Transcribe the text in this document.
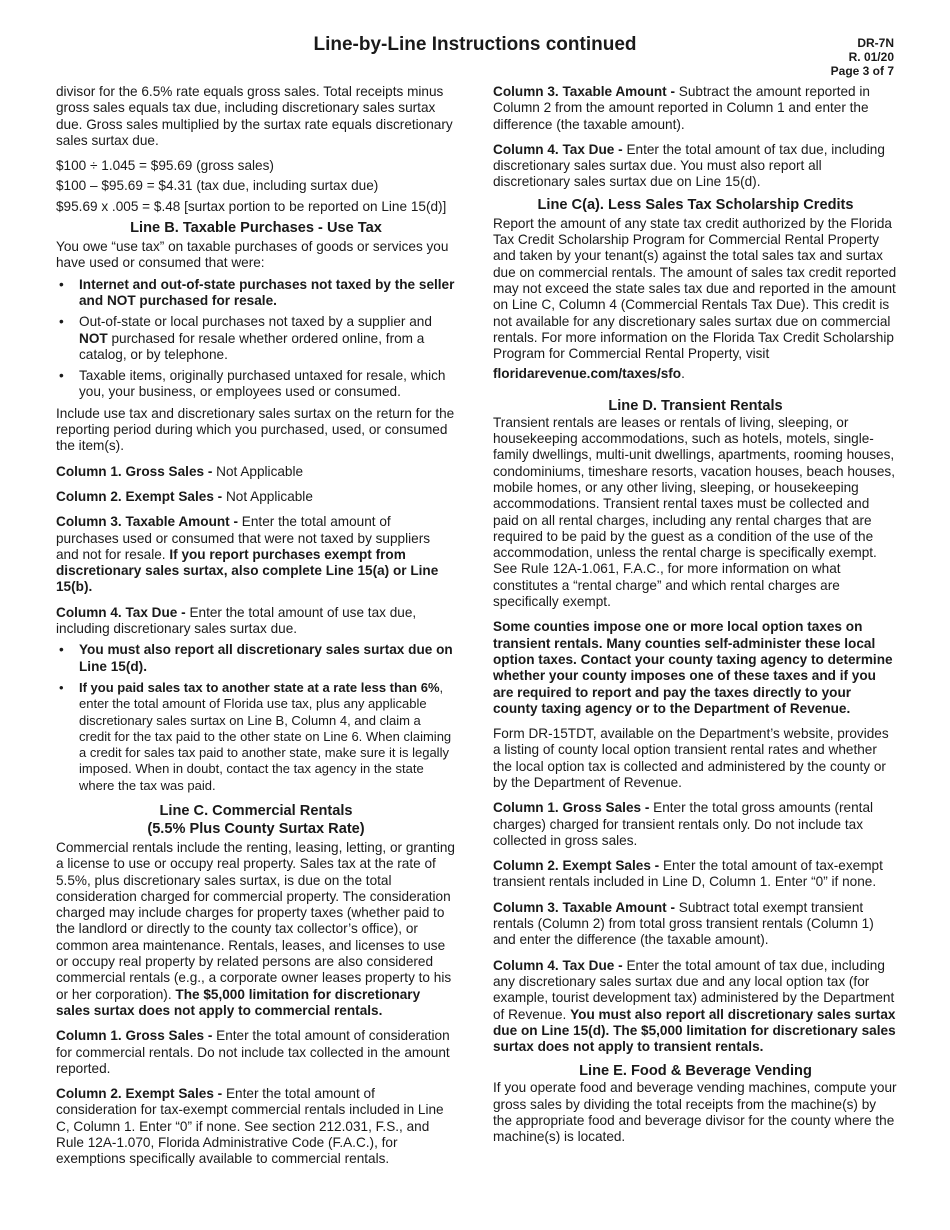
Line-by-Line Instructions continued	DR-7N
R. 01/20
Page 3 of 7

divisor for the 6.5% rate equals gross sales. Total receipts minus gross sales equals tax due, including discretionary sales surtax due. Gross sales multiplied by the surtax rate equals discretionary sales surtax due.

$100 ÷ 1.045 = $95.69 (gross sales)
$100 – $95.69 = $4.31 (tax due, including surtax due)
$95.69 x .005 = $.48 [surtax portion to be reported on Line 15(d)]
Line B. Taxable Purchases - Use Tax

You owe “use tax” on taxable purchases of goods or services you have used or consumed that were:

• Internet and out-of-state purchases not taxed by the seller and NOT purchased for resale.
• Out-of-state or local purchases not taxed by a supplier and NOT purchased for resale whether ordered online, from a catalog, or by telephone.
• Taxable items, originally purchased untaxed for resale, which you, your business, or employees used or consumed.

Include use tax and discretionary sales surtax on the return for the reporting period during which you purchased, used, or consumed the item(s).

Column 1. Gross Sales - Not Applicable

Column 2. Exempt Sales - Not Applicable

Column 3. Taxable Amount - Enter the total amount of purchases used or consumed that were not taxed by suppliers and not for resale. If you report purchases exempt from discretionary sales surtax, also complete Line 15(a) or Line 15(b).

Column 4. Tax Due - Enter the total amount of use tax due, including discretionary sales surtax due.

• You must also report all discretionary sales surtax due on Line 15(d).
• If you paid sales tax to another state at a rate less than 6%, enter the total amount of Florida use tax, plus any applicable discretionary sales surtax on Line B, Column 4, and claim a credit for the tax paid to the other state on Line 6. When claiming a credit for sales tax paid to another state, make sure it is legally imposed. When in doubt, contact the tax agency in the state where the tax was paid.
Line C. Commercial Rentals
(5.5% Plus County Surtax Rate)

Commercial rentals include the renting, leasing, letting, or granting a license to use or occupy real property. Sales tax at the rate of 5.5%, plus discretionary sales surtax, is due on the total consideration charged for commercial property. The consideration charged may include charges for property taxes (whether paid to the landlord or directly to the county tax collector’s office), or common area maintenance. Rentals, leases, and licenses to use or occupy real property by related persons are also considered commercial rentals (e.g., a corporate owner leases property to his or her corporation). The $5,000 limitation for discretionary sales surtax does not apply to commercial rentals.

Column 1. Gross Sales - Enter the total amount of consideration for commercial rentals. Do not include tax collected in the amount reported.

Column 2. Exempt Sales - Enter the total amount of consideration for tax-exempt commercial rentals included in Line C, Column 1. Enter “0” if none. See section 212.031, F.S., and Rule 12A-1.070, Florida Administrative Code (F.A.C.), for exemptions specifically available to commercial rentals.

Column 3. Taxable Amount - Subtract the amount reported in Column 2 from the amount reported in Column 1 and enter the difference (the taxable amount).

Column 4. Tax Due - Enter the total amount of tax due, including discretionary sales surtax due. You must also report all discretionary sales surtax due on Line 15(d).

Line C(a). Less Sales Tax Scholarship Credits

Report the amount of any state tax credit authorized by the Florida Tax Credit Scholarship Program for Commercial Rental Property and taken by your tenant(s) against the total sales tax and surtax due on commercial rentals. The amount of sales tax credit reported may not exceed the state sales tax due and reported in the amount on Line C, Column 4 (Commercial Rentals Tax Due). This credit is not available for any discretionary sales surtax due on commercial rentals. For more information on the Florida Tax Credit Scholarship Program for Commercial Rental Property, visit

floridarevenue.com/taxes/sfo.

Line D. Transient Rentals

Transient rentals are leases or rentals of living, sleeping, or housekeeping accommodations, such as hotels, motels, single-family dwellings, multi-unit dwellings, apartments, rooming houses, condominiums, timeshare resorts, vacation houses, beach houses, mobile homes, or any other living, sleeping, or housekeeping accommodations. Transient rental taxes must be collected and paid on all rental charges, including any rental charges that are required to be paid by the guest as a condition of the use of the accommodation, unless the rental charge is specifically exempt. See Rule 12A-1.061, F.A.C., for more information on what constitutes a “rental charge” and which rental charges are specifically exempt.

Some counties impose one or more local option taxes on transient rentals. Many counties self-administer these local option taxes. Contact your county taxing agency to determine whether your county imposes one of these taxes and if you are required to report and pay the taxes directly to your county taxing agency or to the Department of Revenue.

Form DR-15TDT, available on the Department’s website, provides a listing of county local option transient rental rates and whether the local option tax is collected and administered by the county or by the Department of Revenue.

Column 1. Gross Sales - Enter the total gross amounts (rental charges) charged for transient rentals only. Do not include tax collected in gross sales.

Column 2. Exempt Sales - Enter the total amount of tax-exempt transient rentals included in Line D, Column 1. Enter “0” if none.

Column 3. Taxable Amount - Subtract total exempt transient rentals (Column 2) from total gross transient rentals (Column 1) and enter the difference (the taxable amount).

Column 4. Tax Due - Enter the total amount of tax due, including any discretionary sales surtax due and any local option tax (for example, tourist development tax) administered by the Department of Revenue. You must also report all discretionary sales surtax due on Line 15(d). The $5,000 limitation for discretionary sales surtax does not apply to transient rentals.

Line E. Food & Beverage Vending

If you operate food and beverage vending machines, compute your gross sales by dividing the total receipts from the machine(s) by the appropriate food and beverage divisor for the county where the machine(s) is located.
